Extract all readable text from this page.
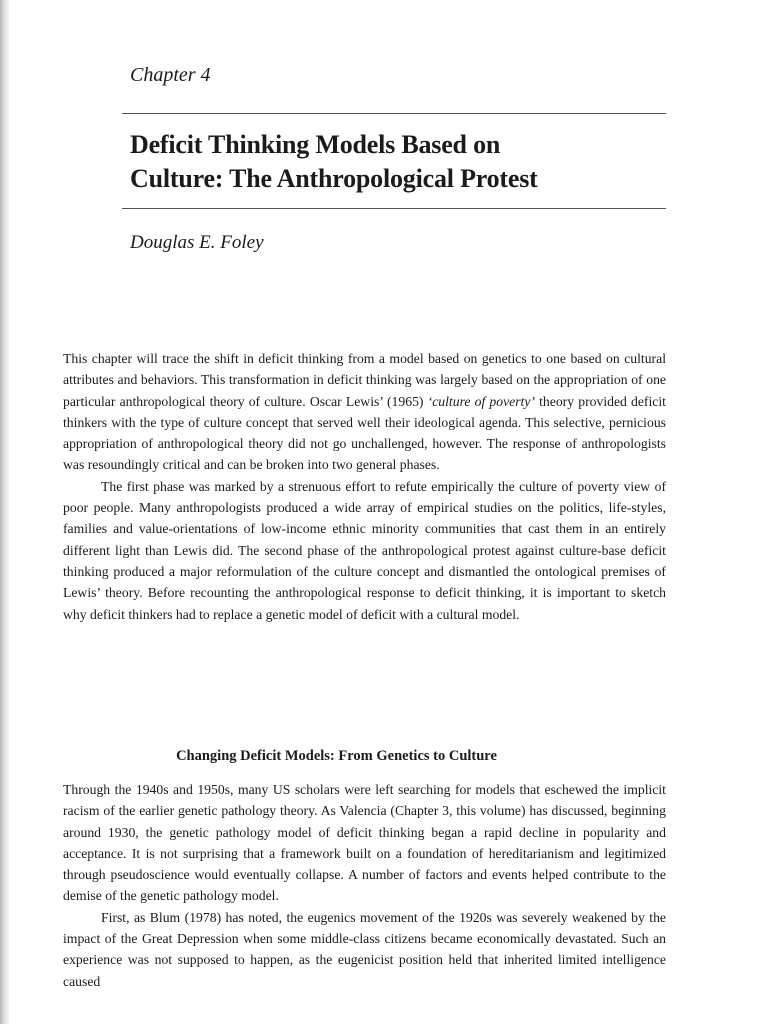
Chapter 4
Deficit Thinking Models Based on
Culture: The Anthropological Protest
Douglas E. Foley

This chapter will trace the shift in deficit thinking from a model based on genetics to one based on cultural attributes and behaviors. This transformation in deficit thinking was largely based on the appropriation of one particular anthropological theory of culture. Oscar Lewis’ (1965) ‘culture of poverty’ theory provided deficit thinkers with the type of culture concept that served well their ideological agenda. This selective, pernicious appropriation of anthropological theory did not go unchallenged, however. The response of anthropologists was resoundingly critical and can be broken into two general phases.

The first phase was marked by a strenuous effort to refute empirically the culture of poverty view of poor people. Many anthropologists produced a wide array of empirical studies on the politics, life-styles, families and value-orientations of low-income ethnic minority communities that cast them in an entirely different light than Lewis did. The second phase of the anthropological protest against culture-base deficit thinking produced a major reformulation of the culture concept and dismantled the ontological premises of Lewis’ theory. Before recounting the anthropological response to deficit thinking, it is important to sketch why deficit thinkers had to replace a genetic model of deficit with a cultural model.

Changing Deficit Models: From Genetics to Culture

Through the 1940s and 1950s, many US scholars were left searching for models that eschewed the implicit racism of the earlier genetic pathology theory. As Valencia (Chapter 3, this volume) has discussed, beginning around 1930, the genetic pathology model of deficit thinking began a rapid decline in popularity and acceptance. It is not surprising that a framework built on a foundation of hereditarianism and legitimized through pseudoscience would eventually collapse. A number of factors and events helped contribute to the demise of the genetic pathology model.

First, as Blum (1978) has noted, the eugenics movement of the 1920s was severely weakened by the impact of the Great Depression when some middle-class citizens became economically devastated. Such an experience was not supposed to happen, as the eugenicist position held that inherited limited intelligence caused
